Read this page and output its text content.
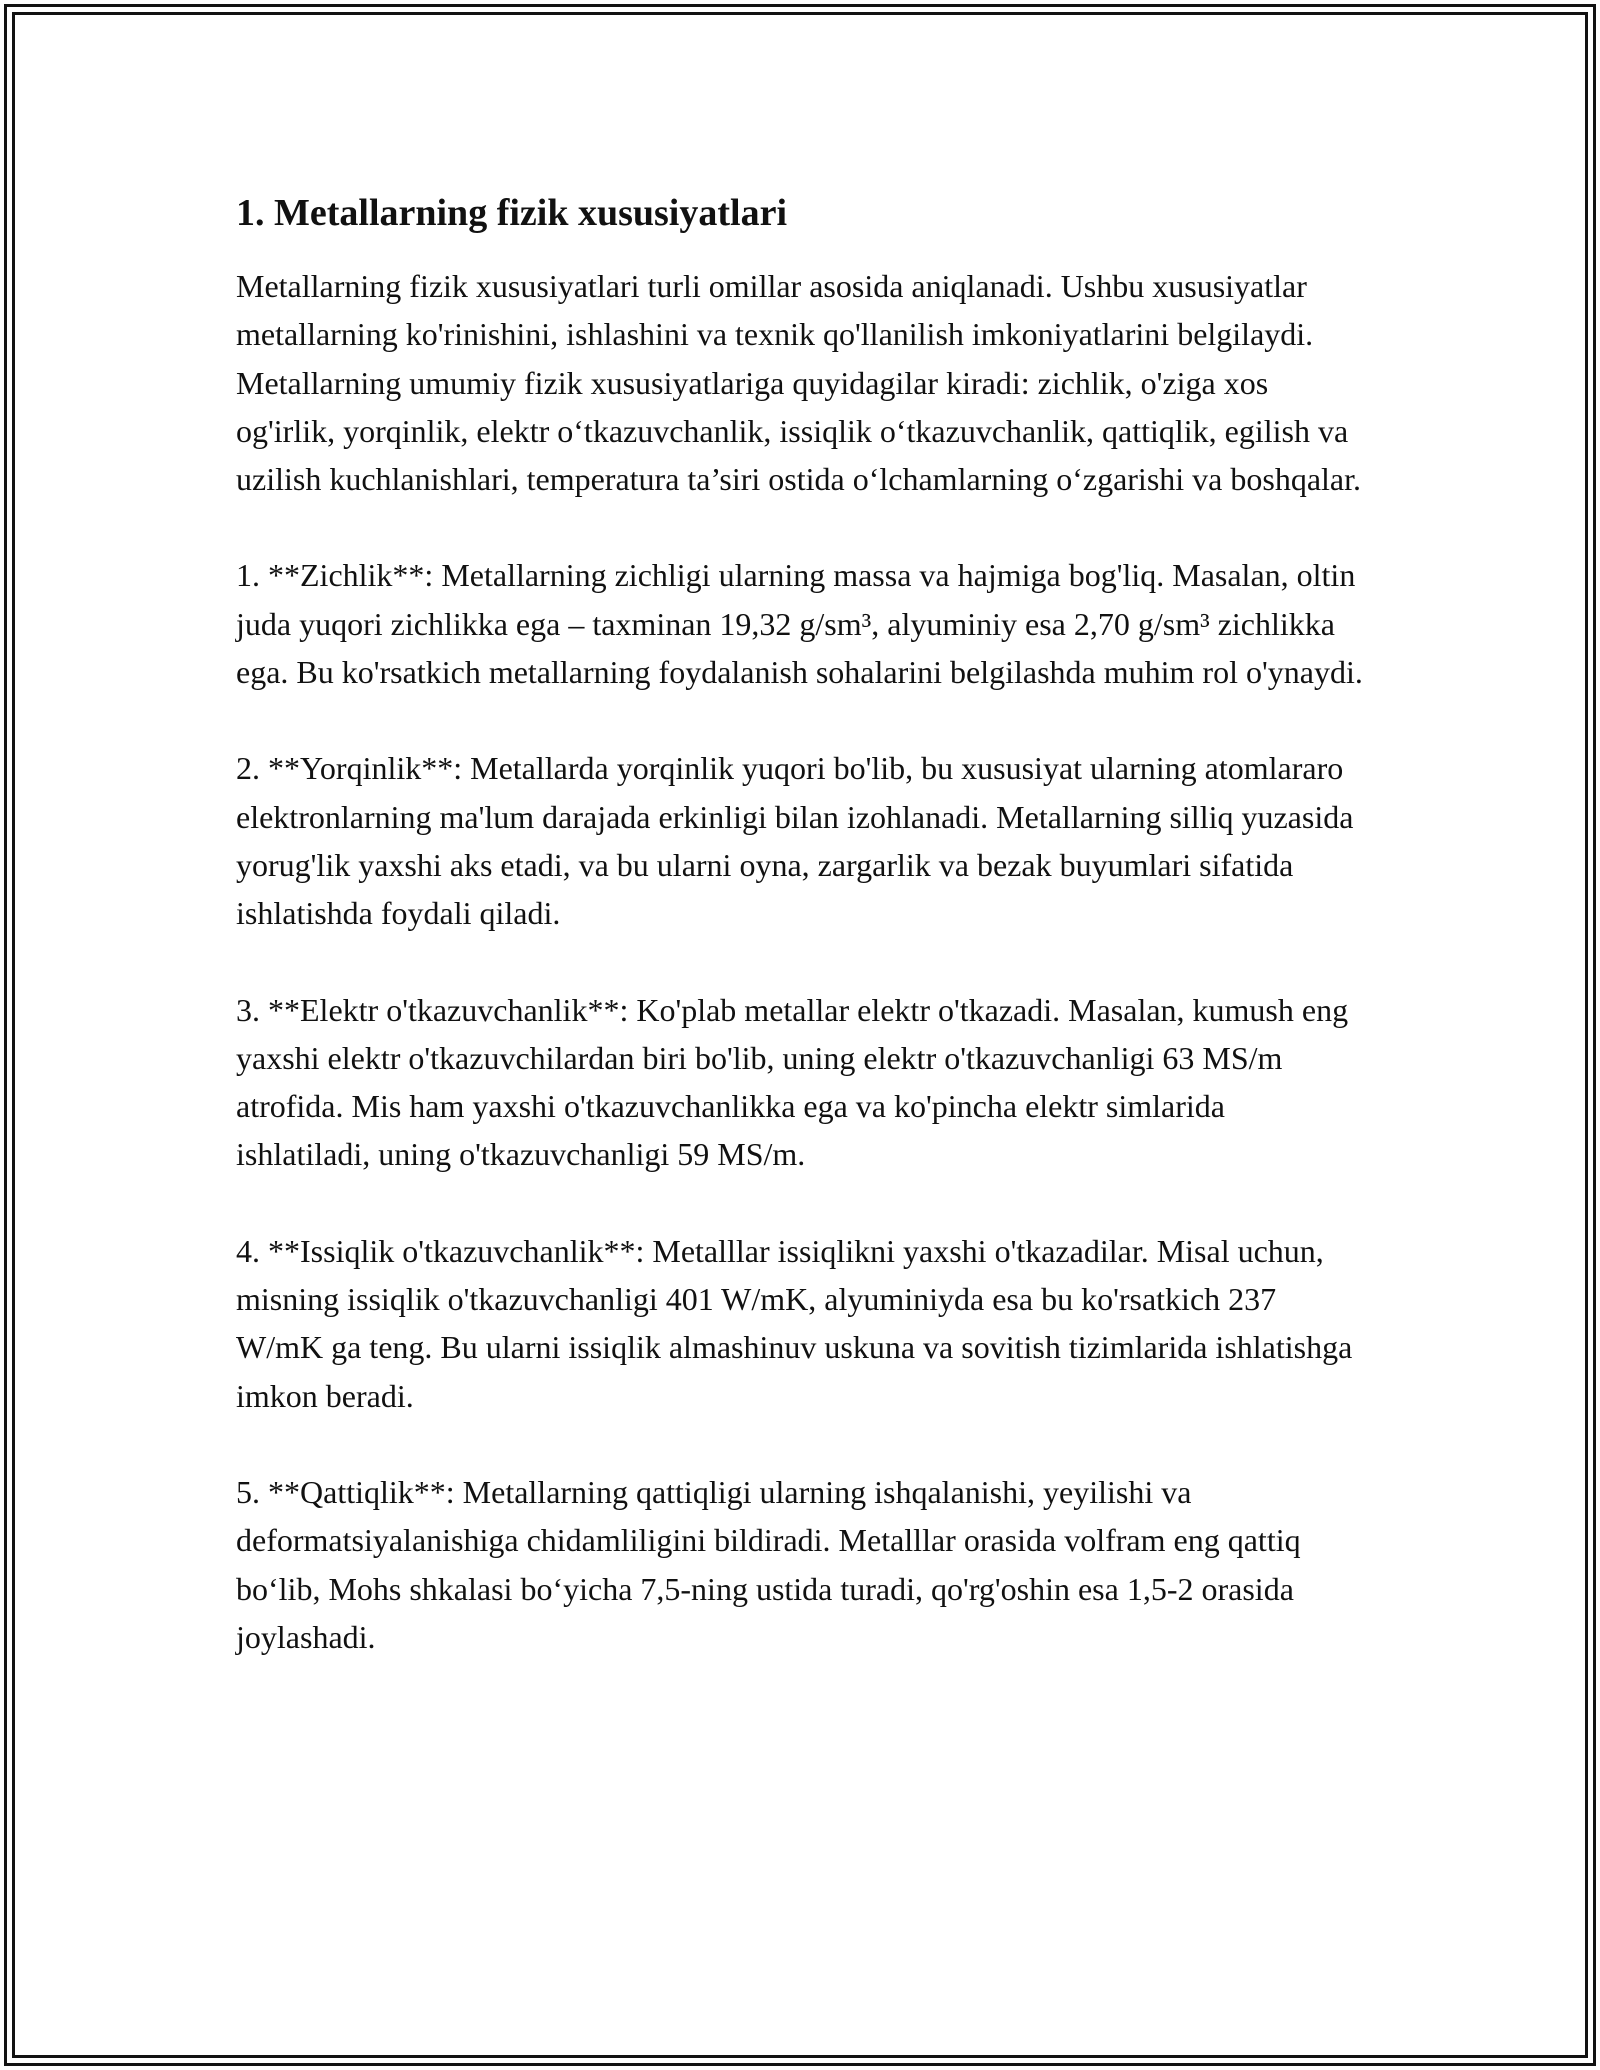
1. Metallarning fizik xususiyatlari

Metallarning fizik xususiyatlari turli omillar asosida aniqlanadi. Ushbu xususiyatlar metallarning ko'rinishini, ishlashini va texnik qo'llanilish imkoniyatlarini belgilaydi. Metallarning umumiy fizik xususiyatlariga quyidagilar kiradi: zichlik, o'ziga xos og'irlik, yorqinlik, elektr o‘tkazuvchanlik, issiqlik o‘tkazuvchanlik, qattiqlik, egilish va uzilish kuchlanishlari, temperatura ta’siri ostida o‘lchamlarning o‘zgarishi va boshqalar.

1. **Zichlik**: Metallarning zichligi ularning massa va hajmiga bog'liq. Masalan, oltin juda yuqori zichlikka ega – taxminan 19,32 g/sm³, alyuminiy esa 2,70 g/sm³ zichlikka ega. Bu ko'rsatkich metallarning foydalanish sohalarini belgilashda muhim rol o'ynaydi.

2. **Yorqinlik**: Metallarda yorqinlik yuqori bo'lib, bu xususiyat ularning atomlararo elektronlarning ma'lum darajada erkinligi bilan izohlanadi. Metallarning silliq yuzasida yorug'lik yaxshi aks etadi, va bu ularni oyna, zargarlik va bezak buyumlari sifatida ishlatishda foydali qiladi.

3. **Elektr o'tkazuvchanlik**: Ko'plab metallar elektr o'tkazadi. Masalan, kumush eng yaxshi elektr o'tkazuvchilardan biri bo'lib, uning elektr o'tkazuvchanligi 63 MS/m atrofida. Mis ham yaxshi o'tkazuvchanlikka ega va ko'pincha elektr simlarida ishlatiladi, uning o'tkazuvchanligi 59 MS/m.

4. **Issiqlik o'tkazuvchanlik**: Metalllar issiqlikni yaxshi o'tkazadilar. Misal uchun, misning issiqlik o'tkazuvchanligi 401 W/mK, alyuminiyda esa bu ko'rsatkich 237 W/mK ga teng. Bu ularni issiqlik almashinuv uskuna va sovitish tizimlarida ishlatishga imkon beradi.

5. **Qattiqlik**: Metallarning qattiqligi ularning ishqalanishi, yeyilishi va deformatsiyalanishiga chidamliligini bildiradi. Metalllar orasida volfram eng qattiq bo‘lib, Mohs shkalasi bo‘yicha 7,5-ning ustida turadi, qo'rg'oshin esa 1,5-2 orasida joylashadi.
